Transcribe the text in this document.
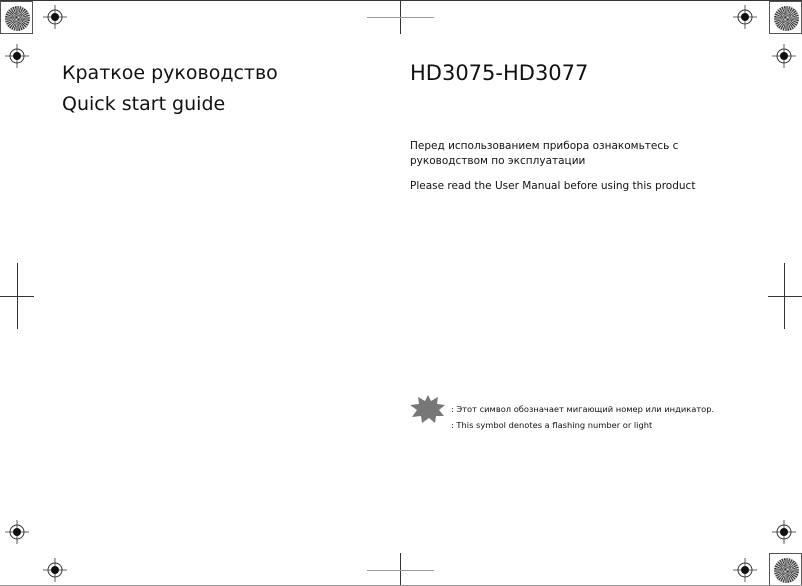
Краткое руководство
Quick start guide
HD3075-HD3077
Перед использованием прибора ознакомьтесь с руководством по эксплуатации
Please read the User Manual before using this product
: Этот символ обозначает мигающий номер или индикатор.
: This symbol denotes a flashing number or light
